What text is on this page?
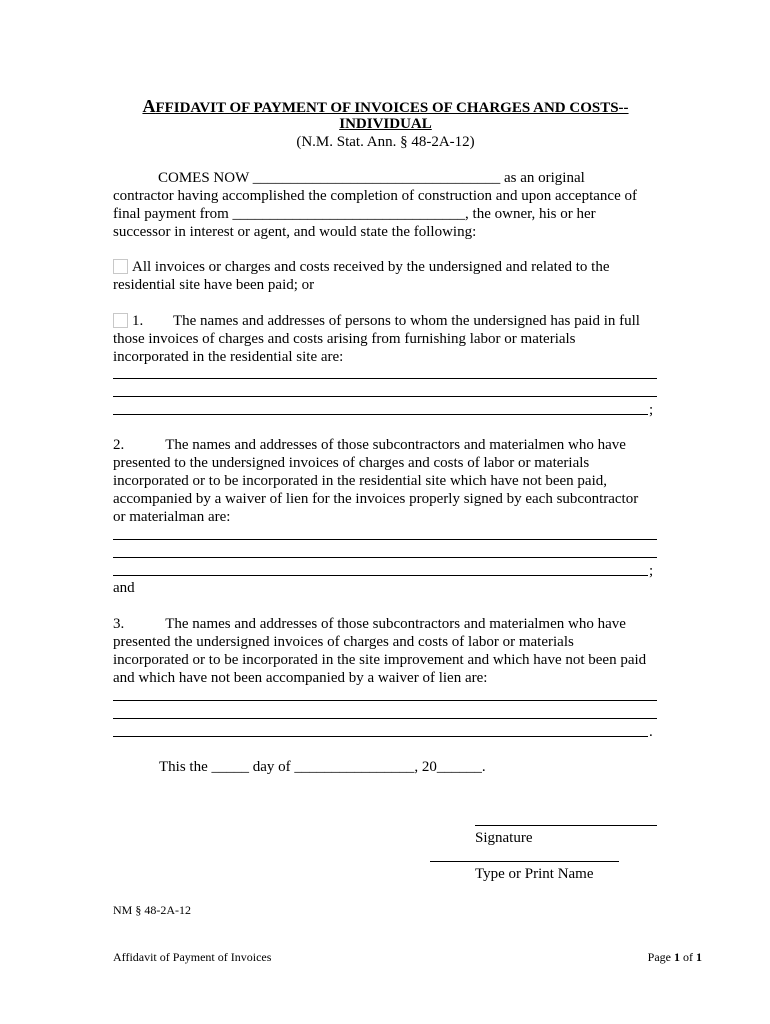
AFFIDAVIT OF PAYMENT OF INVOICES OF CHARGES AND COSTS--
INDIVIDUAL
(N.M. Stat. Ann. § 48-2A-12)
COMES NOW _________________________________ as an original
contractor having accomplished the completion of construction and upon acceptance of
final payment from _______________________________, the owner, his or her
successor in interest or agent, and would state the following:
All invoices or charges and costs received by the undersigned and related to the
residential site have been paid; or
1.        The names and addresses of persons to whom the undersigned has paid in full
those invoices of charges and costs arising from furnishing labor or materials
incorporated in the residential site are:
;
2.           The names and addresses of those subcontractors and materialmen who have
presented to the undersigned invoices of charges and costs of labor or materials
incorporated or to be incorporated in the residential site which have not been paid,
accompanied by a waiver of lien for the invoices properly signed by each subcontractor
or materialman are:
;
and
3.           The names and addresses of those subcontractors and materialmen who have
presented the undersigned invoices of charges and costs of labor or materials
incorporated or to be incorporated in the site improvement and which have not been paid
and which have not been accompanied by a waiver of lien are:
.
This the _____ day of ________________, 20______.
Signature
Type or Print Name
NM § 48-2A-12
Affidavit of Payment of Invoices	Page 1 of 1
